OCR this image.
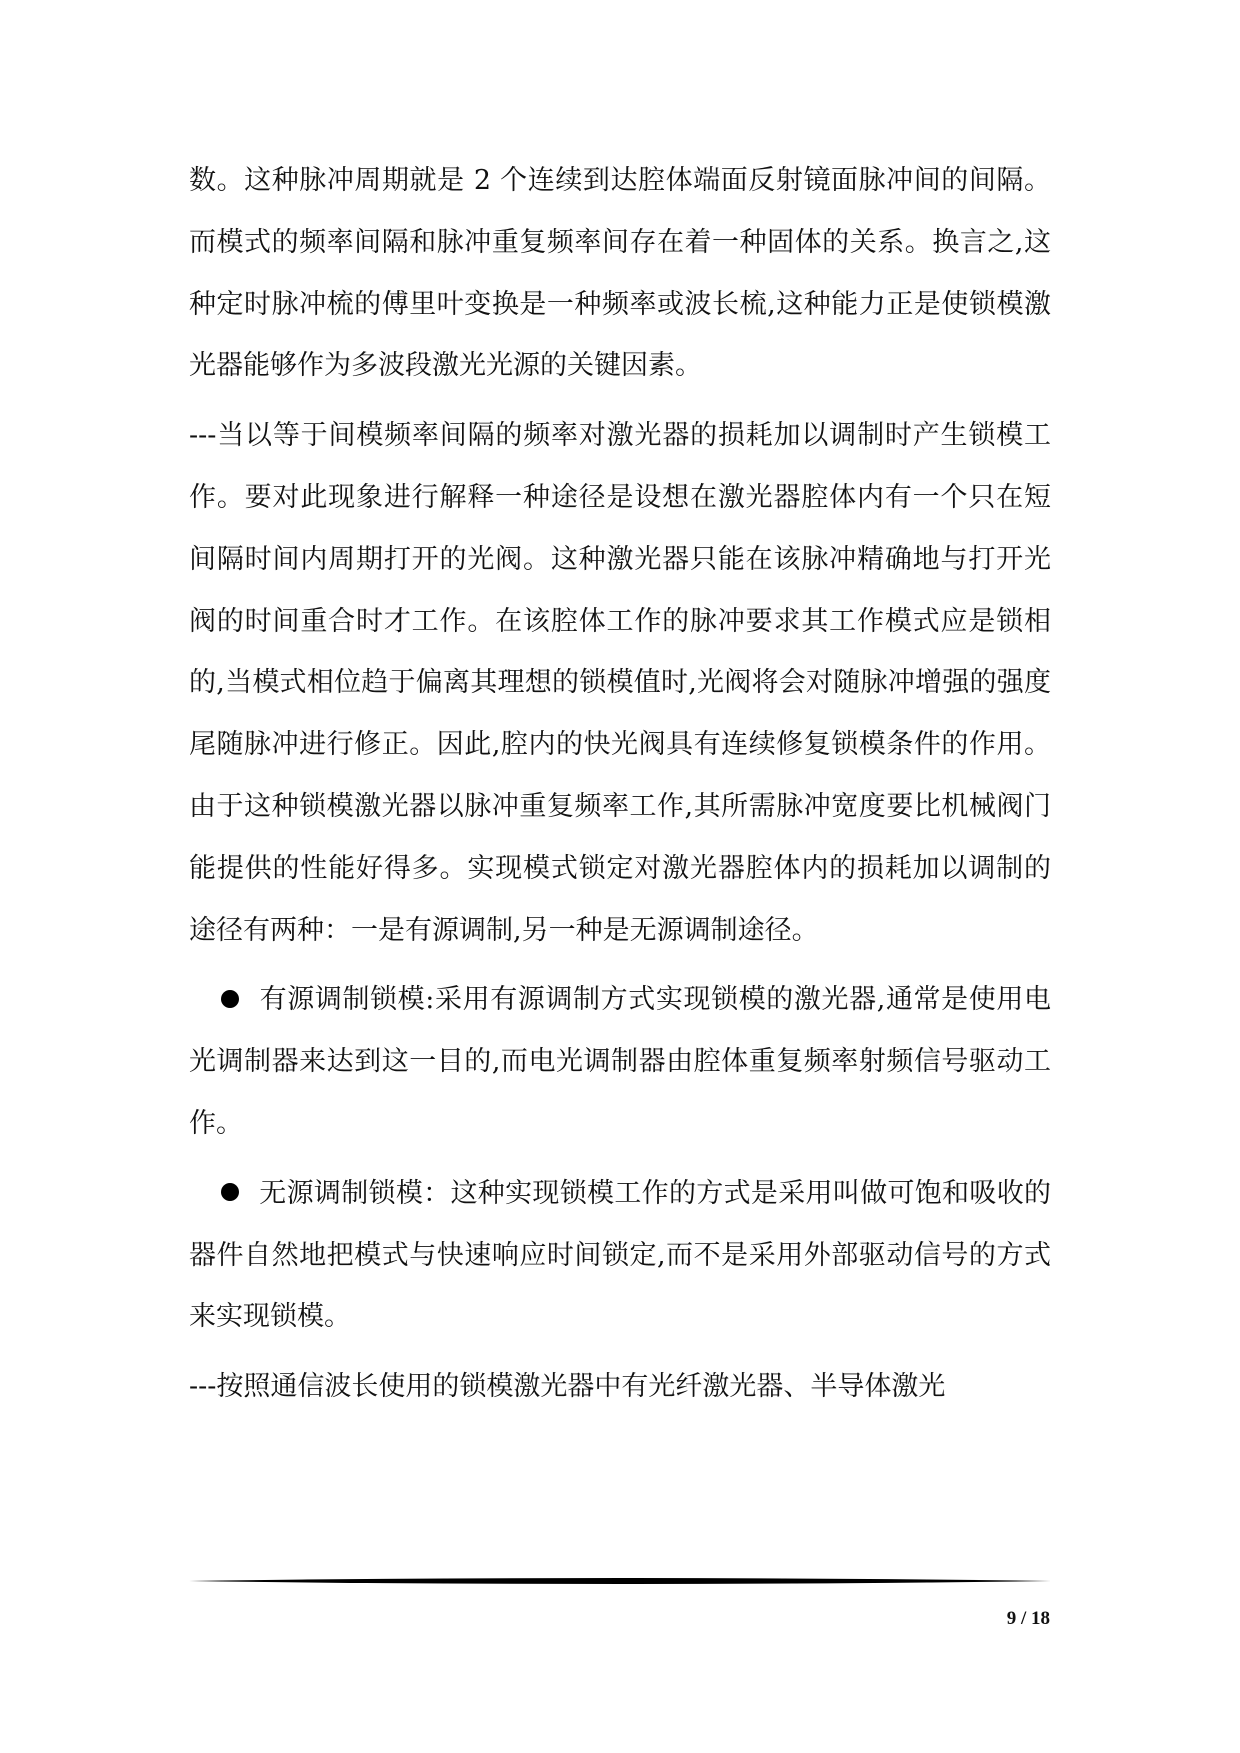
数。这种脉冲周期就是 2 个连续到达腔体端面反射镜面脉冲间的间隔。而模式的频率间隔和脉冲重复频率间存在着一种固体的关系。换言之,这种定时脉冲梳的傅里叶变换是一种频率或波长梳,这种能力正是使锁模激光器能够作为多波段激光光源的关键因素。

---当以等于间模频率间隔的频率对激光器的损耗加以调制时产生锁模工作。要对此现象进行解释一种途径是设想在激光器腔体内有一个只在短间隔时间内周期打开的光阀。这种激光器只能在该脉冲精确地与打开光阀的时间重合时才工作。在该腔体工作的脉冲要求其工作模式应是锁相的,当模式相位趋于偏离其理想的锁模值时,光阀将会对随脉冲增强的强度尾随脉冲进行修正。因此,腔内的快光阀具有连续修复锁模条件的作用。由于这种锁模激光器以脉冲重复频率工作,其所需脉冲宽度要比机械阀门能提供的性能好得多。实现模式锁定对激光器腔体内的损耗加以调制的途径有两种：一是有源调制,另一种是无源调制途径。

有源调制锁模:采用有源调制方式实现锁模的激光器,通常是使用电光调制器来达到这一目的,而电光调制器由腔体重复频率射频信号驱动工作。

无源调制锁模：这种实现锁模工作的方式是采用叫做可饱和吸收的器件自然地把模式与快速响应时间锁定,而不是采用外部驱动信号的方式来实现锁模。

---按照通信波长使用的锁模激光器中有光纤激光器、半导体激光

9 / 18
